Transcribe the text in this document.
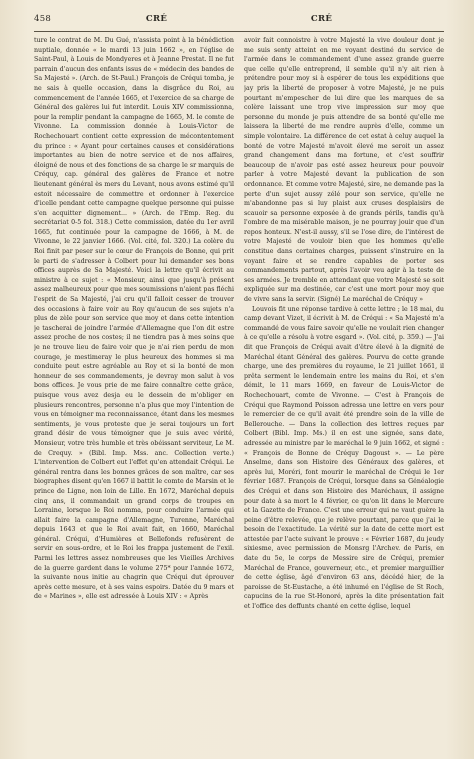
458	CRÉ	CRÉ

ture le contrat de M. Du Gué, n'assista point à la bénédiction nuptiale, donnée « le mardi 13 juin 1662 », en l'église de Saint-Paul, à Louis de Mondyeres et à Jeanne Prestat. Il ne fut parrain d'aucun des enfants issus de « médecin des bandes de Sa Majesté ». (Arch. de St-Paul.) François de Créqui tomba, je ne sais à quelle occasion, dans la disgrâce du Roi, au commencement de l'année 1665, et l'exercice de sa charge de Général des galères lui fut interdit. Louis XIV commissionna, pour la remplir pendant la campagne de 1665, M. le comte de Vivonne. La commission donnée à Louis-Victor de Rochechouart contient cette expression de mécontentement du prince : « Ayant pour certaines causes et considérations importantes au bien de notre service et de nos affaires, éloigné de nous et des fonctions de sa charge le sr marquis de Créquy, cap. général des galères de France et notre lieutenant général ès mers du Levant, nous avons estimé qu'il estoit nécessaire de commettre et ordonner à l'exercice d'icelle pendant cette campagne quelque personne qui puisse s'en acquitter dignement... » (Arch. de l'Emp. Reg. du secrétariat 0-5 fol. 318.) Cette commission, datée du 1er avril 1665, fut continuée pour la campagne de 1666, à M. de Vivonne, le 22 janvier 1666. (Vol. cité, fol. 320.) La colère du Roi finit par peser sur le cœur de François de Bonne, qui prit le parti de s'adresser à Colbert pour lui demander ses bons offices auprès de Sa Majesté. Voici la lettre qu'il écrivit au ministre à ce sujet : « Monsieur, ainsi que jusqu'à présent assez malheureux pour que mes soumissions n'aient pas fléchi l'esprit de Sa Majesté, j'ai cru qu'il falloit cesser de trouver des occasions à faire voir au Roy qu'aucun de ses sujets n'a plus de zèle pour son service que moy et dans cette intention je tascherai de joindre l'armée d'Allemagne que l'on dit estre assez proche de nos costes; il ne tiendra pas à mes soins que je ne trouve lieu de faire voir que je n'ai rien perdu de mon courage, je mestimeray le plus heureux des hommes si ma conduite peut estre agréable au Roy et si la bonté de mon honneur de ses commandements, je devray mon salut à vos bons offices. Je vous prie de me faire connaître cette grâce, puisque vous avez desja eu le dessein de m'obliger en plusieurs rencontres, personne n'a plus que moy l'intention de vous en témoigner ma reconnaissance, étant dans les mesmes sentiments, je vous proteste que je serai toujours un fort grand désir de vous témoigner que je suis avec vérité, Monsieur, votre très humble et très obéissant serviteur, Le M. de Crequy. » (Bibl. Imp. Mss. anc. Collection verte.) L'intervention de Colbert eut l'effet qu'en attendait Créqui. Le général rentra dans les bonnes grâces de son maître, car ses biographes disent qu'en 1667 il battit le comte de Marsin et le prince de Ligne, non loin de Lille. En 1672, Maréchal depuis cinq ans, il commandait un grand corps de troupes en Lorraine, lorsque le Roi nomma, pour conduire l'armée qui allait faire la campagne d'Allemagne, Turenne, Maréchal depuis 1643 et que le Roi avait fait, en 1660, Maréchal général. Créqui, d'Humières et Bellefonds refusèrent de servir en sous-ordre, et le Roi les frappa justement de l'exil. Parmi les lettres assez nombreuses que les Vieilles Archives de la guerre gardent dans le volume 275* pour l'année 1672, la suivante nous initie au chagrin que Créqui dut éprouver après cette mesure, et à ses vains espoirs. Datée du 9 mars et de « Marines », elle est adressée à Louis XIV : « Après

avoir fait connoistre à votre Majesté la vive douleur dont je me suis senty atteint en me voyant destiné du service de l'armée dans le commandement d'une assez grande guerre que celle qu'elle entreprend, il semble qu'il n'y ait rien à prétendre pour moy si à espérer de tous les expéditions que jay pris la liberté de proposer à votre Majesté, je ne puis pourtant m'empescher de lui dire que les marques de sa colère laissant une trop vive impression sur moy que personne du monde je puis attendre de sa bonté qu'elle me laissera la liberté de me rendre auprès d'elle, comme un simple volontaire. La différence de cet estat à celuy auquel la bonté de votre Majesté m'avoit élevé me seroit un assez grand changement dans ma fortune, et c'est souffrir beaucoup de n'avoir pas esté assez heureux pour pouvoir parler à votre Majesté devant la publication de son ordonnance. Et comme votre Majesté, sire, ne demande pas la perte d'un sujet aussy zélé pour son service, qu'elle ne m'abandonne pas si luy plaist aux cruses desplaisirs de scauoir sa personne exposée à de grands périls, tandis qu'à l'ombre de ma misérable maison, je ne pourray jouir que d'un repos honteux. N'est-il aussy, s'il se l'ose dire, de l'intérest de votre Majesté de vouloir bien que les hommes qu'elle constitue dans certaines charges, puissent s'instruire en la voyant faire et se rendre capables de porter ses commandements partout, après l'avoir veu agir à la teste de ses armées. Je tremble en attendant que votre Majesté se soit expliquée sur ma destinée, car c'est une mort pour moy que de vivre sans la servir. (Signé) Le maréchal de Créquy »

Louvois fit une réponse tardive à cette lettre ; le 18 mai, du camp devant Vizet, il écrivit à M. de Créqui : « Sa Majesté m'a commandé de vous faire savoir qu'elle ne voulait rien changer à ce qu'elle a résolu à votre esgard ». (Vol. cité, p. 359.) — J'ai dit que François de Créqui avait d'être élevé à la dignité de Maréchal étant Général des galères. Pourvu de cette grande charge, une des premières du royaume, le 21 juillet 1661, il prêta serment le lendemain entre les mains du Roi, et s'en démit, le 11 mars 1669, en faveur de Louis-Victor de Rochechouart, comte de Vivonne. — C'est à François de Créqui que Raymond Poisson adressa une lettre en vers pour le remercier de ce qu'il avait été prendre soin de la ville de Bellerouche. — Dans la collection des lettres reçues par Colbert (Bibl. Imp. Ms.) il en est une signée, sans date, adressée au ministre par le maréchal le 9 juin 1662, et signé : « François de Bonne de Créquy Dagoust ». — Le père Anselme, dans son Histoire des Généraux des galères, et après lui, Moréri, font mourir le maréchal de Créqui le 1er février 1687. François de Créqui, lorsque dans sa Généalogie des Créqui et dans son Histoire des Maréchaux, il assigne pour date à sa mort le 4 février, ce qu'on lit dans le Mercure et la Gazette de France. C'est une erreur qui ne vaut guère la peine d'être relevée, que je relève pourtant, parce que j'ai le besoin de l'exactitude. La vérité sur la date de cette mort est attestée par l'acte suivant le prouve : « Février 1687, du jeudy sixiesme, avec permission de Monsrg l'Archev. de Paris, en date du 5e, le corps de Messire sire de Créqui, premier Maréchal de France, gouverneur, etc., et premier marguillier de cette église, âgé d'environ 63 ans, décédé hier, de la paroisse de St-Eustache, a été inhumé en l'église de St Roch, capucins de la rue St-Honoré, après la dite présentation fait et l'office des deffunts chanté en cette église, lequel
